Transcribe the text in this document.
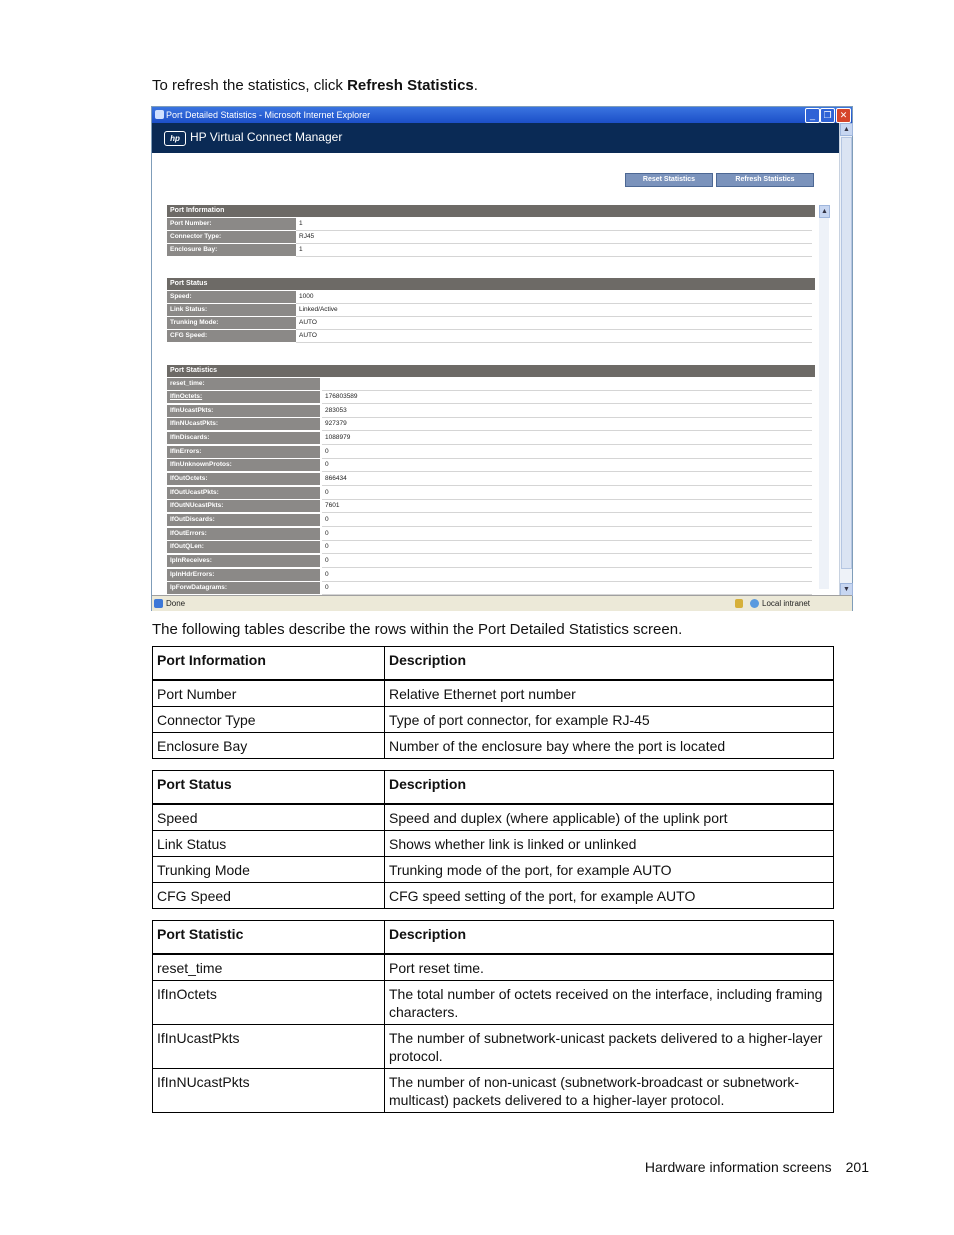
To refresh the statistics, click Refresh Statistics.
Port Detailed Statistics - Microsoft Internet Explorer	_ ❐ ✕
hp HP Virtual Connect Manager
▲
▼
Reset Statistics	Refresh Statistics
Port Information
Port Number:	1
Connector Type:	RJ45
Enclosure Bay:	1
Port Status
Speed:	1000
Link Status:	Linked/Active
Trunking Mode:	AUTO
CFG Speed:	AUTO
Port Statistics
reset_time:
IfInOctets:	176803589
IfInUcastPkts:	283053
IfInNUcastPkts:	927379
IfInDiscards:	1088979
IfInErrors:	0
IfInUnknownProtos:	0
IfOutOctets:	866434
IfOutUcastPkts:	0
IfOutNUcastPkts:	7601
IfOutDiscards:	0
IfOutErrors:	0
IfOutQLen:	0
IpInReceives:	0
IpInHdrErrors:	0
IpForwDatagrams:	0
▲
Done	Local intranet
The following tables describe the rows within the Port Detailed Statistics screen.
Port Information	Description
Port Number	Relative Ethernet port number
Connector Type	Type of port connector, for example RJ-45
Enclosure Bay	Number of the enclosure bay where the port is located
Port Status	Description
Speed	Speed and duplex (where applicable) of the uplink port
Link Status	Shows whether link is linked or unlinked
Trunking Mode	Trunking mode of the port, for example AUTO
CFG Speed	CFG speed setting of the port, for example AUTO
Port Statistic	Description
reset_time	Port reset time.
IfInOctets	The total number of octets received on the interface, including framing characters.
IfInUcastPkts	The number of subnetwork-unicast packets delivered to a higher-layer protocol.
IfInNUcastPkts	The number of non-unicast (subnetwork-broadcast or subnetwork-multicast) packets delivered to a higher-layer protocol.
Hardware information screens 201
